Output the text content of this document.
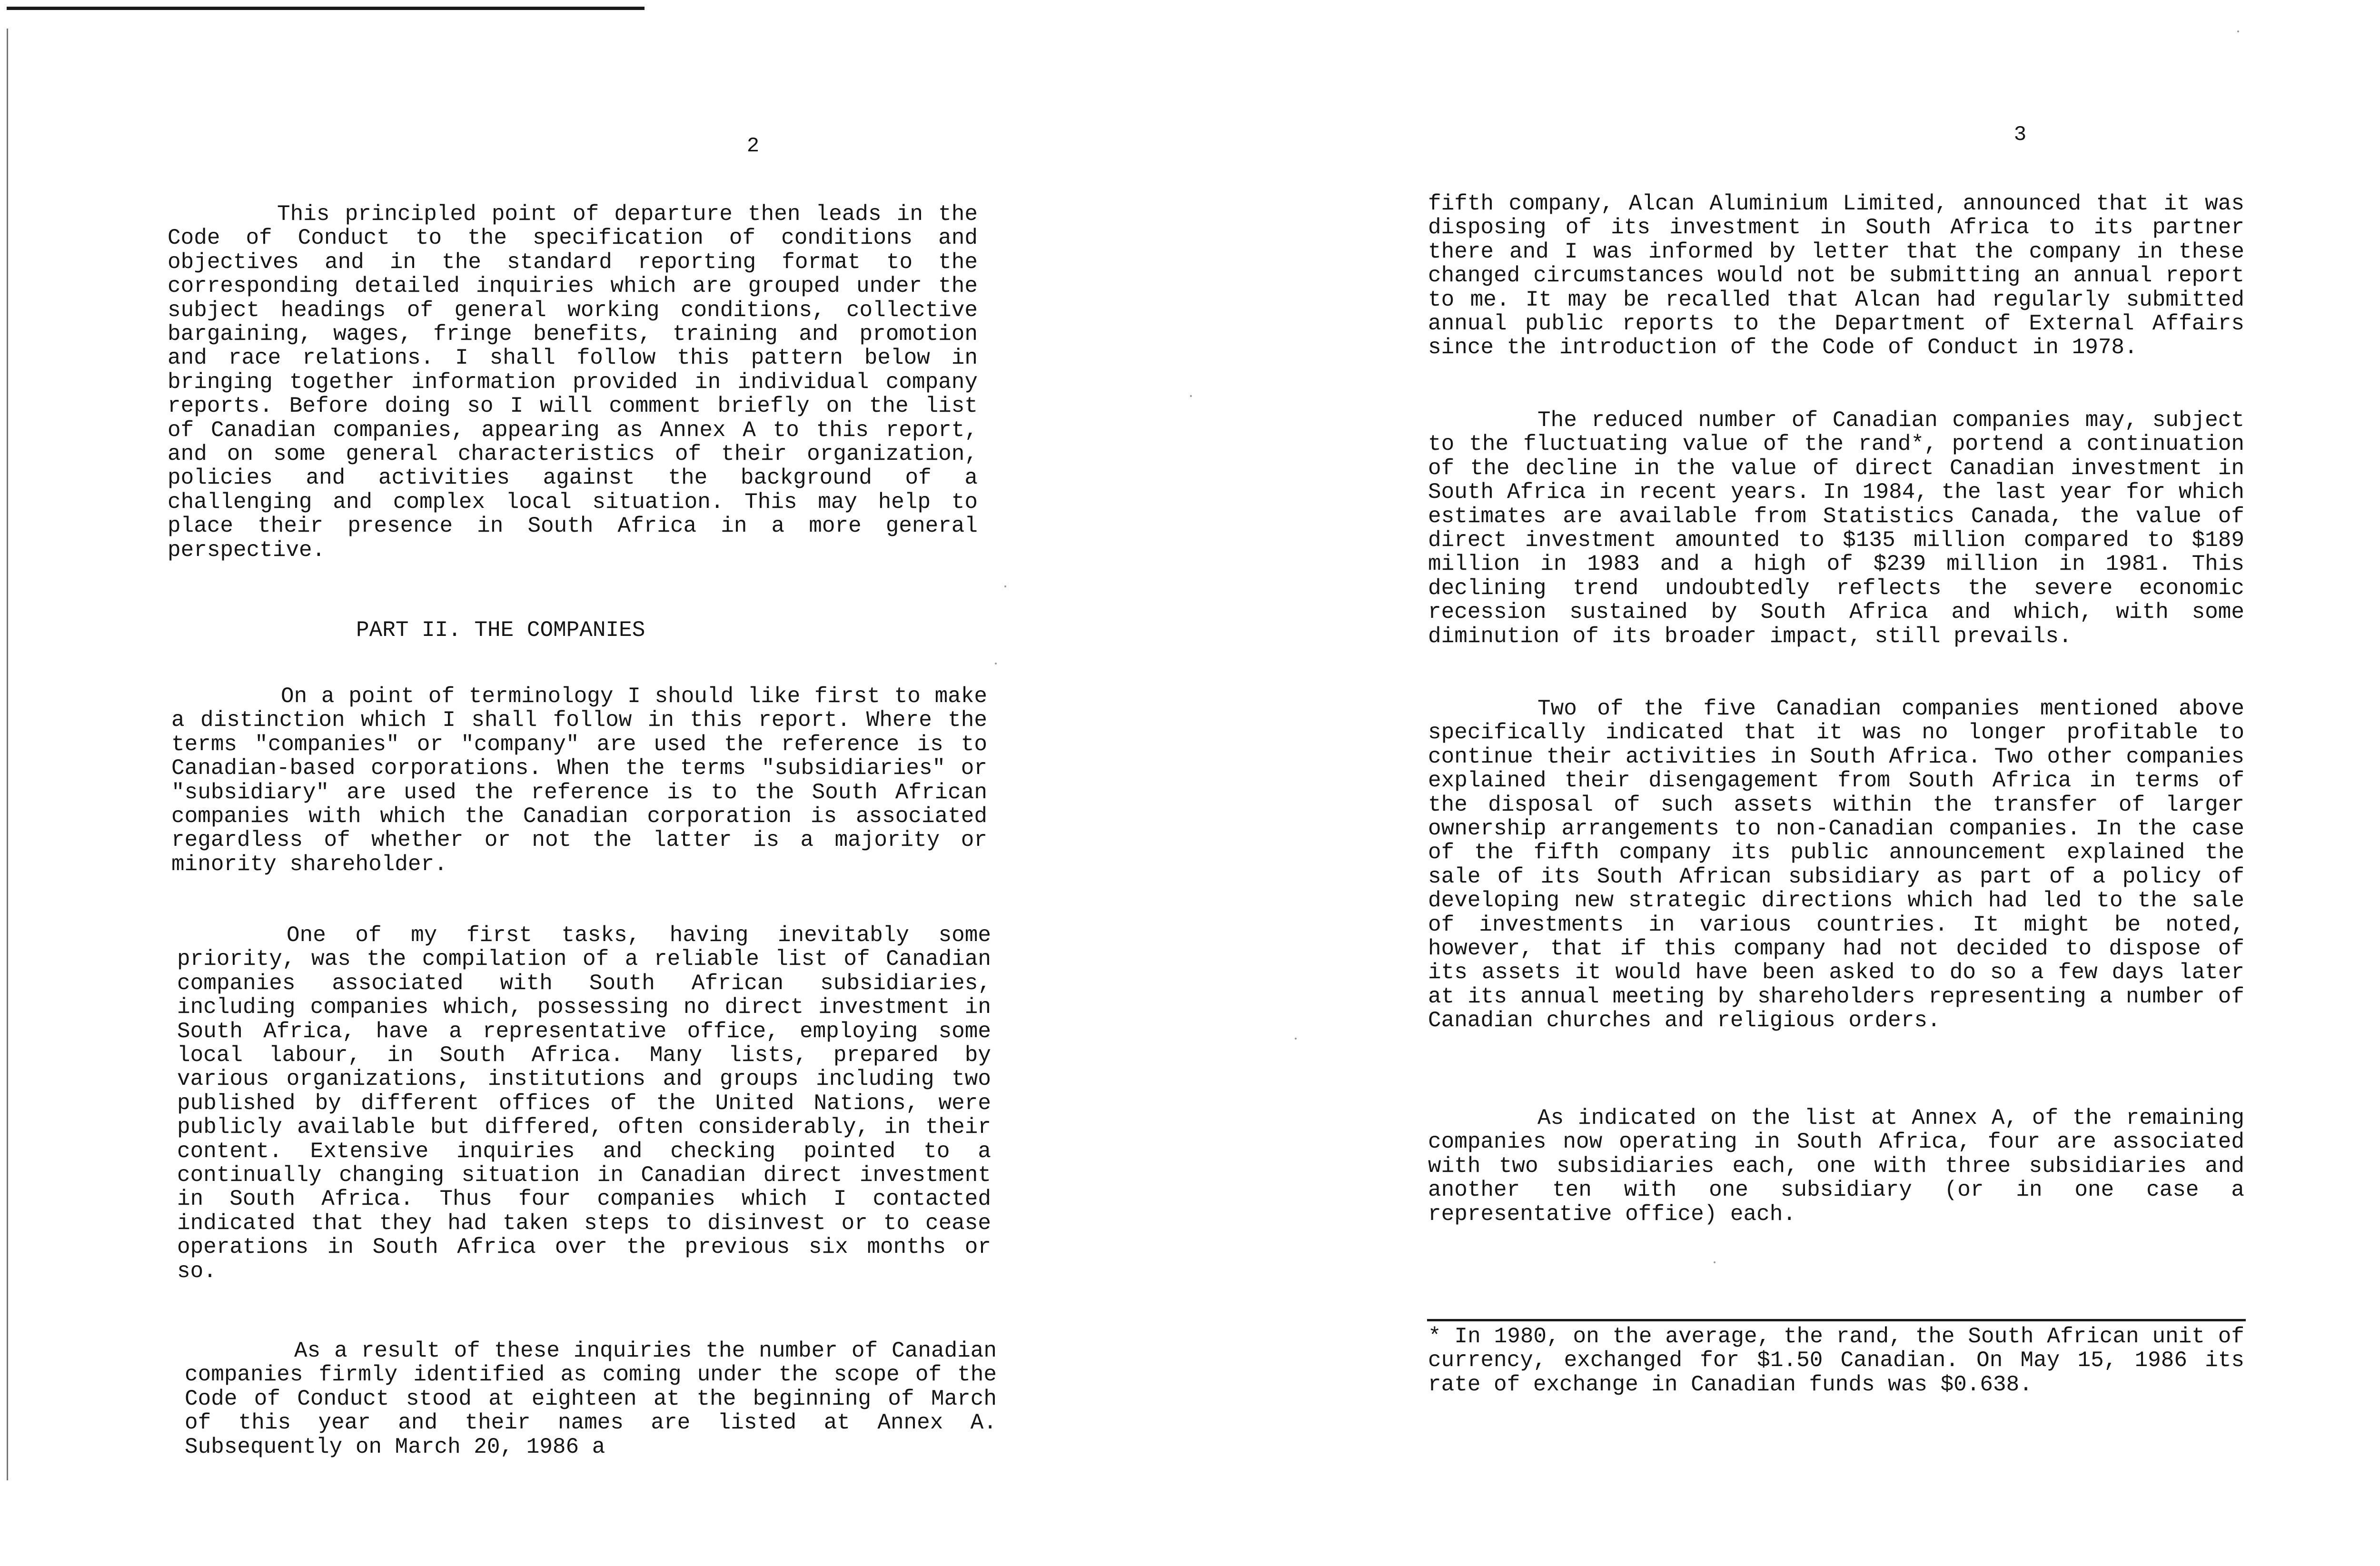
2

This principled point of departure then leads in the Code of Conduct to the specification of conditions and objectives and in the standard reporting format to the corresponding detailed inquiries which are grouped under the subject headings of general working conditions, collective bargaining, wages, fringe benefits, training and promotion and race relations. I shall follow this pattern below in bringing together information provided in individual company reports. Before doing so I will comment briefly on the list of Canadian companies, appearing as Annex A to this report, and on some general characteristics of their organization, policies and activities against the background of a challenging and complex local situation. This may help to place their presence in South Africa in a more general perspective.

PART II. THE COMPANIES

On a point of terminology I should like first to make a distinction which I shall follow in this report. Where the terms "companies" or "company" are used the reference is to Canadian-based corporations. When the terms "subsidiaries" or "subsidiary" are used the reference is to the South African companies with which the Canadian corporation is associated regardless of whether or not the latter is a majority or minority shareholder.

One of my first tasks, having inevitably some priority, was the compilation of a reliable list of Canadian companies associated with South African subsidiaries, including companies which, possessing no direct investment in South Africa, have a representative office, employing some local labour, in South Africa. Many lists, prepared by various organizations, institutions and groups including two published by different offices of the United Nations, were publicly available but differed, often considerably, in their content. Extensive inquiries and checking pointed to a continually changing situation in Canadian direct investment in South Africa. Thus four companies which I contacted indicated that they had taken steps to disinvest or to cease operations in South Africa over the previous six months or so.

As a result of these inquiries the number of Canadian companies firmly identified as coming under the scope of the Code of Conduct stood at eighteen at the beginning of March of this year and their names are listed at Annex A. Subsequently on March 20, 1986 a

3

fifth company, Alcan Aluminium Limited, announced that it was disposing of its investment in South Africa to its partner there and I was informed by letter that the company in these changed circumstances would not be submitting an annual report to me. It may be recalled that Alcan had regularly submitted annual public reports to the Department of External Affairs since the introduction of the Code of Conduct in 1978.

The reduced number of Canadian companies may, subject to the fluctuating value of the rand*, portend a continuation of the decline in the value of direct Canadian investment in South Africa in recent years. In 1984, the last year for which estimates are available from Statistics Canada, the value of direct investment amounted to $135 million compared to $189 million in 1983 and a high of $239 million in 1981. This declining trend undoubtedly reflects the severe economic recession sustained by South Africa and which, with some diminution of its broader impact, still prevails.

Two of the five Canadian companies mentioned above specifically indicated that it was no longer profitable to continue their activities in South Africa. Two other companies explained their disengagement from South Africa in terms of the disposal of such assets within the transfer of larger ownership arrangements to non-Canadian companies. In the case of the fifth company its public announcement explained the sale of its South African subsidiary as part of a policy of developing new strategic directions which had led to the sale of investments in various countries. It might be noted, however, that if this company had not decided to dispose of its assets it would have been asked to do so a few days later at its annual meeting by shareholders representing a number of Canadian churches and religious orders.

As indicated on the list at Annex A, of the remaining companies now operating in South Africa, four are associated with two subsidiaries each, one with three subsidiaries and another ten with one subsidiary (or in one case a representative office) each.

* In 1980, on the average, the rand, the South African unit of currency, exchanged for $1.50 Canadian. On May 15, 1986 its rate of exchange in Canadian funds was $0.638.
